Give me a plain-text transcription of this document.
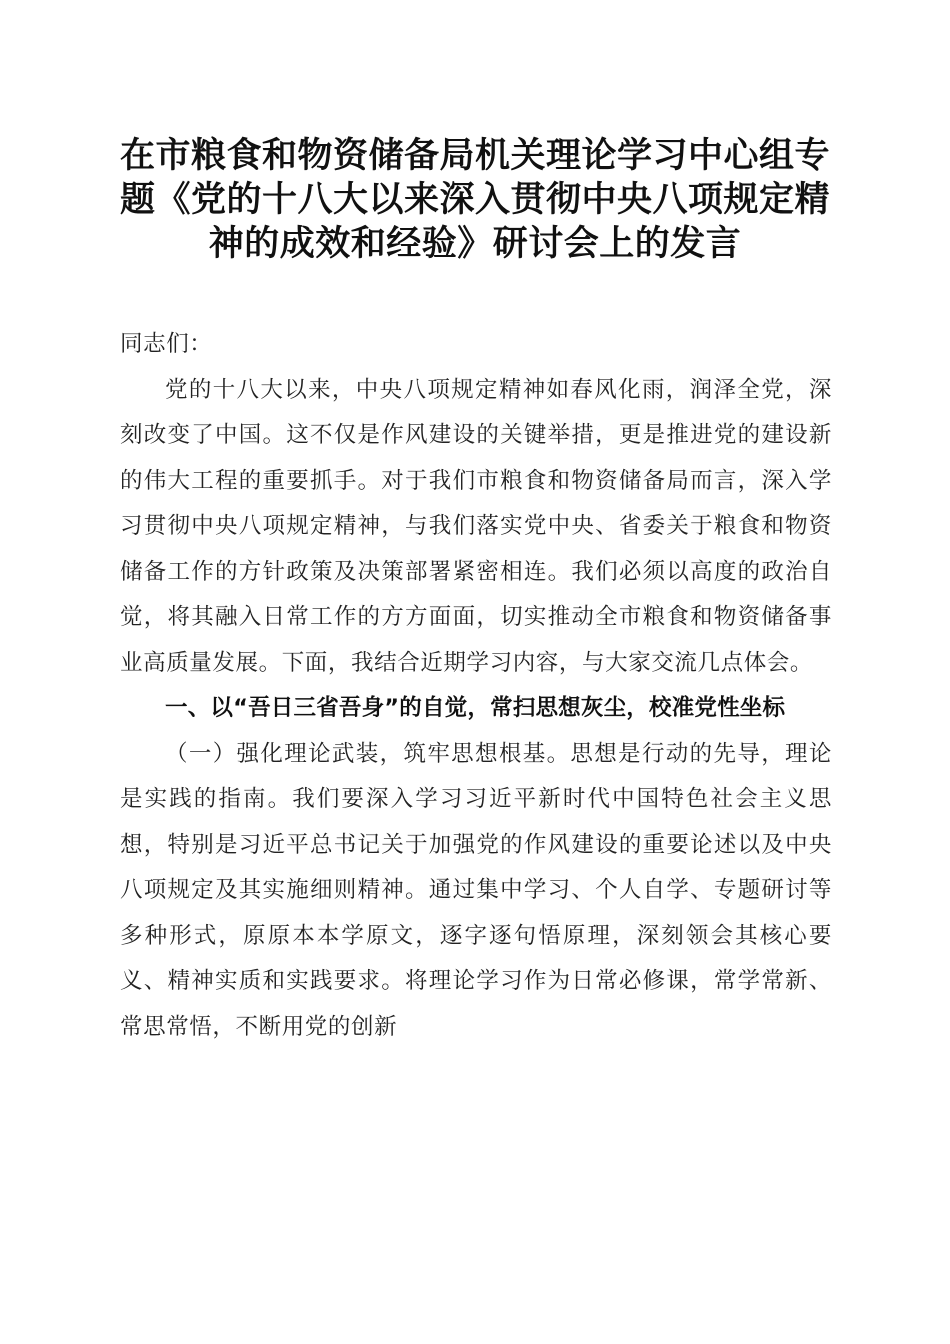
在市粮食和物资储备局机关理论学习中心组专
题《党的十八大以来深入贯彻中央八项规定精
神的成效和经验》研讨会上的发言

同志们：

党的十八大以来，中央八项规定精神如春风化雨，润泽全党，深刻改变了中国。这不仅是作风建设的关键举措，更是推进党的建设新的伟大工程的重要抓手。对于我们市粮食和物资储备局而言，深入学习贯彻中央八项规定精神，与我们落实党中央、省委关于粮食和物资储备工作的方针政策及决策部署紧密相连。我们必须以高度的政治自觉，将其融入日常工作的方方面面，切实推动全市粮食和物资储备事业高质量发展。下面，我结合近期学习内容，与大家交流几点体会。

一、以“吾日三省吾身”的自觉，常扫思想灰尘，校准党性坐标

（一）强化理论武装，筑牢思想根基。思想是行动的先导，理论是实践的指南。我们要深入学习习近平新时代中国特色社会主义思想，特别是习近平总书记关于加强党的作风建设的重要论述以及中央八项规定及其实施细则精神。通过集中学习、个人自学、专题研讨等多种形式，原原本本学原文，逐字逐句悟原理，深刻领会其核心要义、精神实质和实践要求。将理论学习作为日常必修课，常学常新、常思常悟，不断用党的创新
